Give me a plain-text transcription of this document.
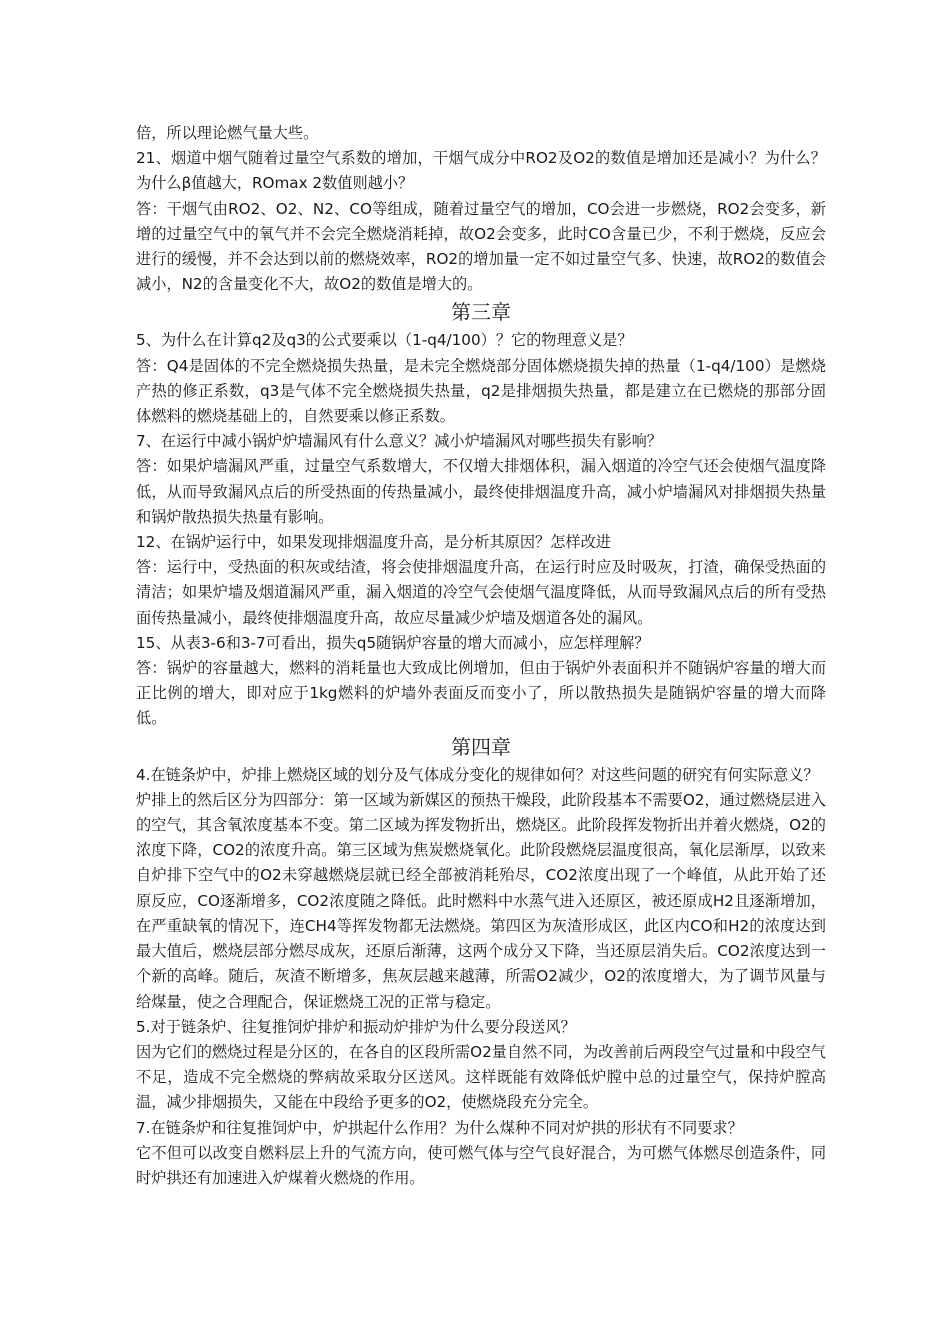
倍，所以理论燃气量大些。

21、烟道中烟气随着过量空气系数的增加，干烟气成分中RO2及O2的数值是增加还是减小？为什么？为什么β值越大，ROmax 2数值则越小？

答：干烟气由RO2、O2、N2、CO等组成，随着过量空气的增加，CO会进一步燃烧，RO2会变多，新增的过量空气中的氧气并不会完全燃烧消耗掉，故O2会变多，此时CO含量已少，不利于燃烧，反应会进行的缓慢，并不会达到以前的燃烧效率，RO2的增加量一定不如过量空气多、快速，故RO2的数值会减小，N2的含量变化不大，故O2的数值是增大的。

第三章

5、为什么在计算q2及q3的公式要乘以（1-q4/100）？它的物理意义是？

答：Q4是固体的不完全燃烧损失热量，是未完全燃烧部分固体燃烧损失掉的热量（1-q4/100）是燃烧产热的修正系数，q3是气体不完全燃烧损失热量，q2是排烟损失热量，都是建立在已燃烧的那部分固体燃料的燃烧基础上的，自然要乘以修正系数。

7、在运行中减小锅炉炉墙漏风有什么意义？减小炉墙漏风对哪些损失有影响？

答：如果炉墙漏风严重，过量空气系数增大，不仅增大排烟体积，漏入烟道的冷空气还会使烟气温度降低，从而导致漏风点后的所受热面的传热量减小，最终使排烟温度升高，减小炉墙漏风对排烟损失热量和锅炉散热损失热量有影响。

12、在锅炉运行中，如果发现排烟温度升高，是分析其原因？怎样改进

答：运行中，受热面的积灰或结渣，将会使排烟温度升高，在运行时应及时吸灰，打渣，确保受热面的清洁；如果炉墙及烟道漏风严重，漏入烟道的冷空气会使烟气温度降低，从而导致漏风点后的所有受热面传热量减小，最终使排烟温度升高，故应尽量减少炉墙及烟道各处的漏风。

15、从表3-6和3-7可看出，损失q5随锅炉容量的增大而减小，应怎样理解？

答：锅炉的容量越大，燃料的消耗量也大致成比例增加，但由于锅炉外表面积并不随锅炉容量的增大而正比例的增大，即对应于1kg燃料的炉墙外表面反而变小了，所以散热损失是随锅炉容量的增大而降低。

第四章

4.在链条炉中，炉排上燃烧区域的划分及气体成分变化的规律如何？对这些问题的研究有何实际意义？

炉排上的然后区分为四部分：第一区域为新媒区的预热干燥段，此阶段基本不需要O2，通过燃烧层进入的空气，其含氧浓度基本不变。第二区域为挥发物折出，燃烧区。此阶段挥发物折出并着火燃烧，O2的浓度下降，CO2的浓度升高。第三区域为焦炭燃烧氧化。此阶段燃烧层温度很高，氧化层渐厚，以致来自炉排下空气中的O2未穿越燃烧层就已经全部被消耗殆尽，CO2浓度出现了一个峰值，从此开始了还原反应，CO逐渐增多，CO2浓度随之降低。此时燃料中水蒸气进入还原区，被还原成H2且逐渐增加，在严重缺氧的情况下，连CH4等挥发物都无法燃烧。第四区为灰渣形成区，此区内CO和H2的浓度达到最大值后，燃烧层部分燃尽成灰，还原后渐薄，这两个成分又下降，当还原层消失后。CO2浓度达到一个新的高峰。随后，灰渣不断增多，焦灰层越来越薄，所需O2减少，O2的浓度增大，为了调节风量与给煤量，使之合理配合，保证燃烧工况的正常与稳定。

5.对于链条炉、往复推饲炉排炉和振动炉排炉为什么要分段送风？

因为它们的燃烧过程是分区的，在各自的区段所需O2量自然不同，为改善前后两段空气过量和中段空气不足，造成不完全燃烧的弊病故采取分区送风。这样既能有效降低炉膛中总的过量空气，保持炉膛高温，减少排烟损失，又能在中段给予更多的O2，使燃烧段充分完全。

7.在链条炉和往复推饲炉中，炉拱起什么作用？为什么煤种不同对炉拱的形状有不同要求？

它不但可以改变自燃料层上升的气流方向，使可燃气体与空气良好混合，为可燃气体燃尽创造条件，同时炉拱还有加速进入炉煤着火燃烧的作用。
